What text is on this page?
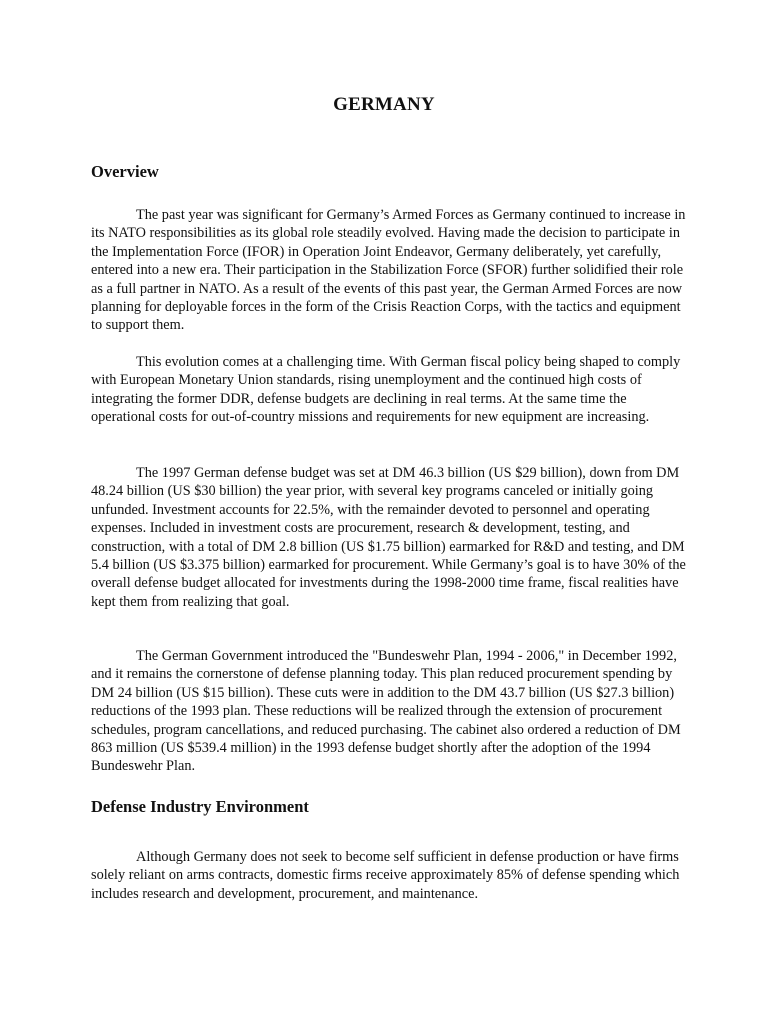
GERMANY
Overview

The past year was significant for Germany’s Armed Forces as Germany continued to increase in its NATO responsibilities as its global role steadily evolved. Having made the decision to participate in the Implementation Force (IFOR) in Operation Joint Endeavor, Germany deliberately, yet carefully, entered into a new era. Their participation in the Stabilization Force (SFOR) further solidified their role as a full partner in NATO. As a result of the events of this past year, the German Armed Forces are now planning for deployable forces in the form of the Crisis Reaction Corps, with the tactics and equipment to support them.

This evolution comes at a challenging time. With German fiscal policy being shaped to comply with European Monetary Union standards, rising unemployment and the continued high costs of integrating the former DDR, defense budgets are declining in real terms. At the same time the operational costs for out-of-country missions and requirements for new equipment are increasing.

The 1997 German defense budget was set at DM 46.3 billion (US $29 billion), down from DM 48.24 billion (US $30 billion) the year prior, with several key programs canceled or initially going unfunded. Investment accounts for 22.5%, with the remainder devoted to personnel and operating expenses. Included in investment costs are procurement, research & development, testing, and construction, with a total of DM 2.8 billion (US $1.75 billion) earmarked for R&D and testing, and DM 5.4 billion (US $3.375 billion) earmarked for procurement. While Germany’s goal is to have 30% of the overall defense budget allocated for investments during the 1998-2000 time frame, fiscal realities have kept them from realizing that goal.

The German Government introduced the "Bundeswehr Plan, 1994 - 2006," in December 1992, and it remains the cornerstone of defense planning today. This plan reduced procurement spending by DM 24 billion (US $15 billion). These cuts were in addition to the DM 43.7 billion (US $27.3 billion) reductions of the 1993 plan. These reductions will be realized through the extension of procurement schedules, program cancellations, and reduced purchasing. The cabinet also ordered a reduction of DM 863 million (US $539.4 million) in the 1993 defense budget shortly after the adoption of the 1994 Bundeswehr Plan.

Defense Industry Environment

Although Germany does not seek to become self sufficient in defense production or have firms solely reliant on arms contracts, domestic firms receive approximately 85% of defense spending which includes research and development, procurement, and maintenance.
